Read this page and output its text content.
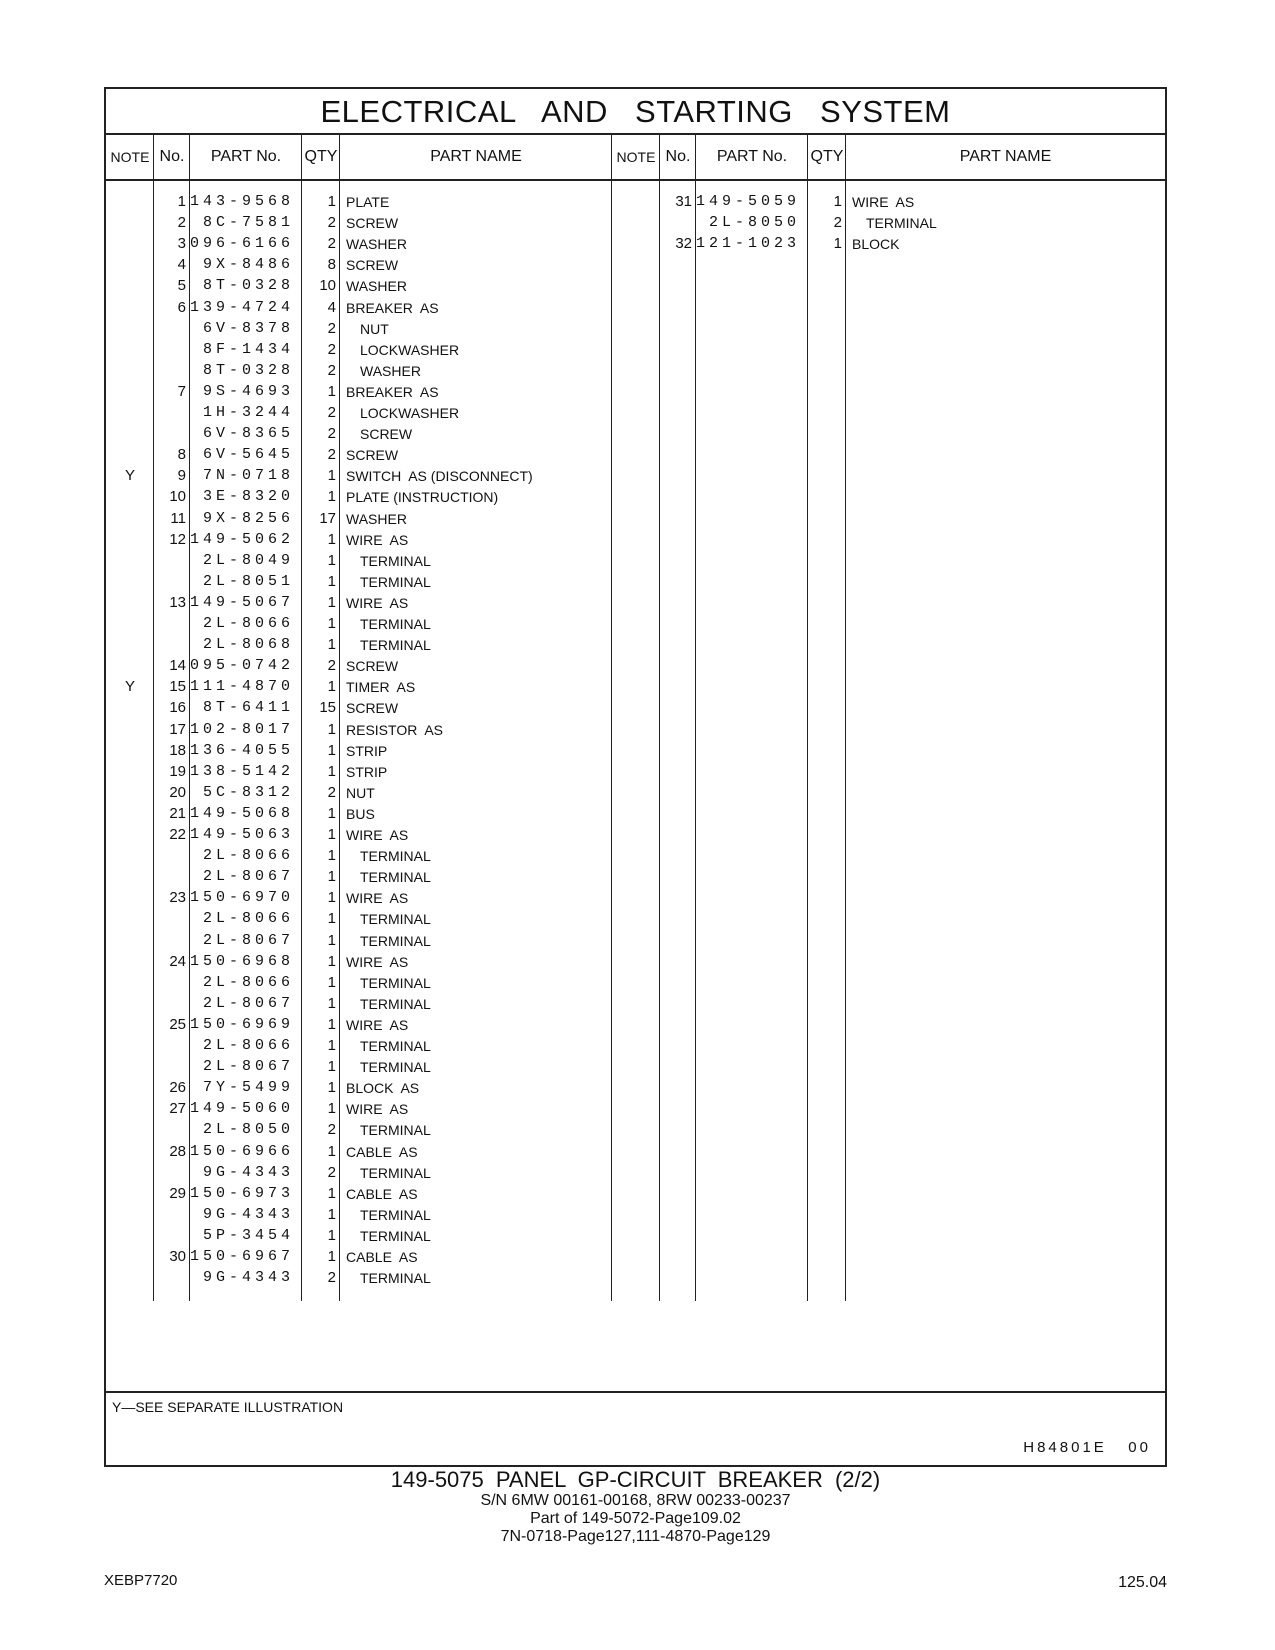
ELECTRICAL AND STARTING SYSTEM
NOTE No.	PART No.	QTY	PART NAME	NOTE No.	PART No.	QTY	PART NAME
1 143-9568	1 PLATE
2	8C-7581	2 SCREW
3 096-6166	2 WASHER
4	9X-8486	8 SCREW
5	8T-0328	10 WASHER
6 139-4724	4 BREAKER  AS
6V-8378	2	NUT
8F-1434	2	LOCKWASHER
8T-0328	2	WASHER
7	9S-4693	1 BREAKER  AS
1H-3244	2	LOCKWASHER
6V-8365	2	SCREW
8	6V-5645	2 SCREW
Y	9	7N-0718	1 SWITCH  AS (DISCONNECT)
10	3E-8320	1 PLATE (INSTRUCTION)
11	9X-8256	17 WASHER
12 149-5062	1 WIRE  AS
2L-8049	1	TERMINAL
2L-8051	1	TERMINAL
13 149-5067	1 WIRE  AS
2L-8066	1	TERMINAL
2L-8068	1	TERMINAL
14 095-0742	2 SCREW
Y	15 111-4870	1 TIMER  AS
16	8T-6411	15 SCREW
17 102-8017	1 RESISTOR  AS
18 136-4055	1 STRIP
19 138-5142	1 STRIP
20	5C-8312	2 NUT
21 149-5068	1 BUS
22 149-5063	1 WIRE  AS
2L-8066	1	TERMINAL
2L-8067	1	TERMINAL
23 150-6970	1 WIRE  AS
2L-8066	1	TERMINAL
2L-8067	1	TERMINAL
24 150-6968	1 WIRE  AS
2L-8066	1	TERMINAL
2L-8067	1	TERMINAL
25 150-6969	1 WIRE  AS
2L-8066	1	TERMINAL
2L-8067	1	TERMINAL
26	7Y-5499	1 BLOCK  AS
27 149-5060	1 WIRE  AS
2L-8050	2	TERMINAL
28 150-6966	1 CABLE  AS
9G-4343	2	TERMINAL
29 150-6973	1 CABLE  AS
9G-4343	1	TERMINAL
5P-3454	1	TERMINAL
30 150-6967	1 CABLE  AS
9G-4343	2	TERMINAL
31 149-5059	1 WIRE  AS
2L-8050	2	TERMINAL
32 121-1023	1 BLOCK
Y—SEE SEPARATE ILLUSTRATION
H84801E   00
149-5075 PANEL GP-CIRCUIT BREAKER (2/2)
S/N 6MW 00161-00168, 8RW 00233-00237
Part of 149-5072-Page109.02
7N-0718-Page127,111-4870-Page129
XEBP7720	125.04
